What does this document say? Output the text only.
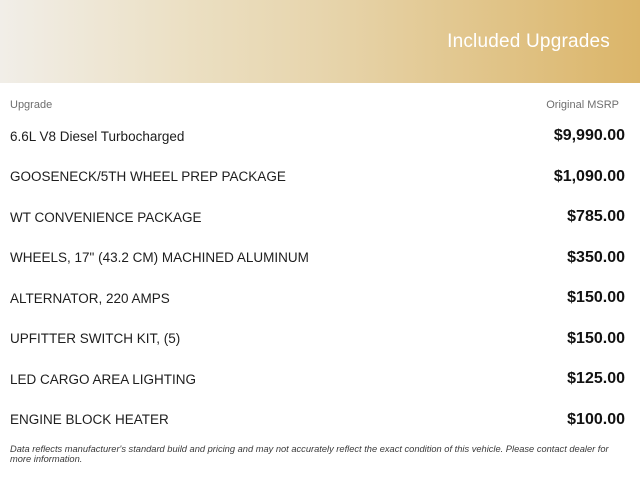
Included Upgrades
Upgrade	Original MSRP
6.6L V8 Diesel Turbocharged	$9,990.00
GOOSENECK/5TH WHEEL PREP PACKAGE	$1,090.00
WT CONVENIENCE PACKAGE	$785.00
WHEELS, 17" (43.2 CM) MACHINED ALUMINUM	$350.00
ALTERNATOR, 220 AMPS	$150.00
UPFITTER SWITCH KIT, (5)	$150.00
LED CARGO AREA LIGHTING	$125.00
ENGINE BLOCK HEATER	$100.00
Data reflects manufacturer's standard build and pricing and may not accurately reflect the exact condition of this vehicle. Please contact dealer for more information.
